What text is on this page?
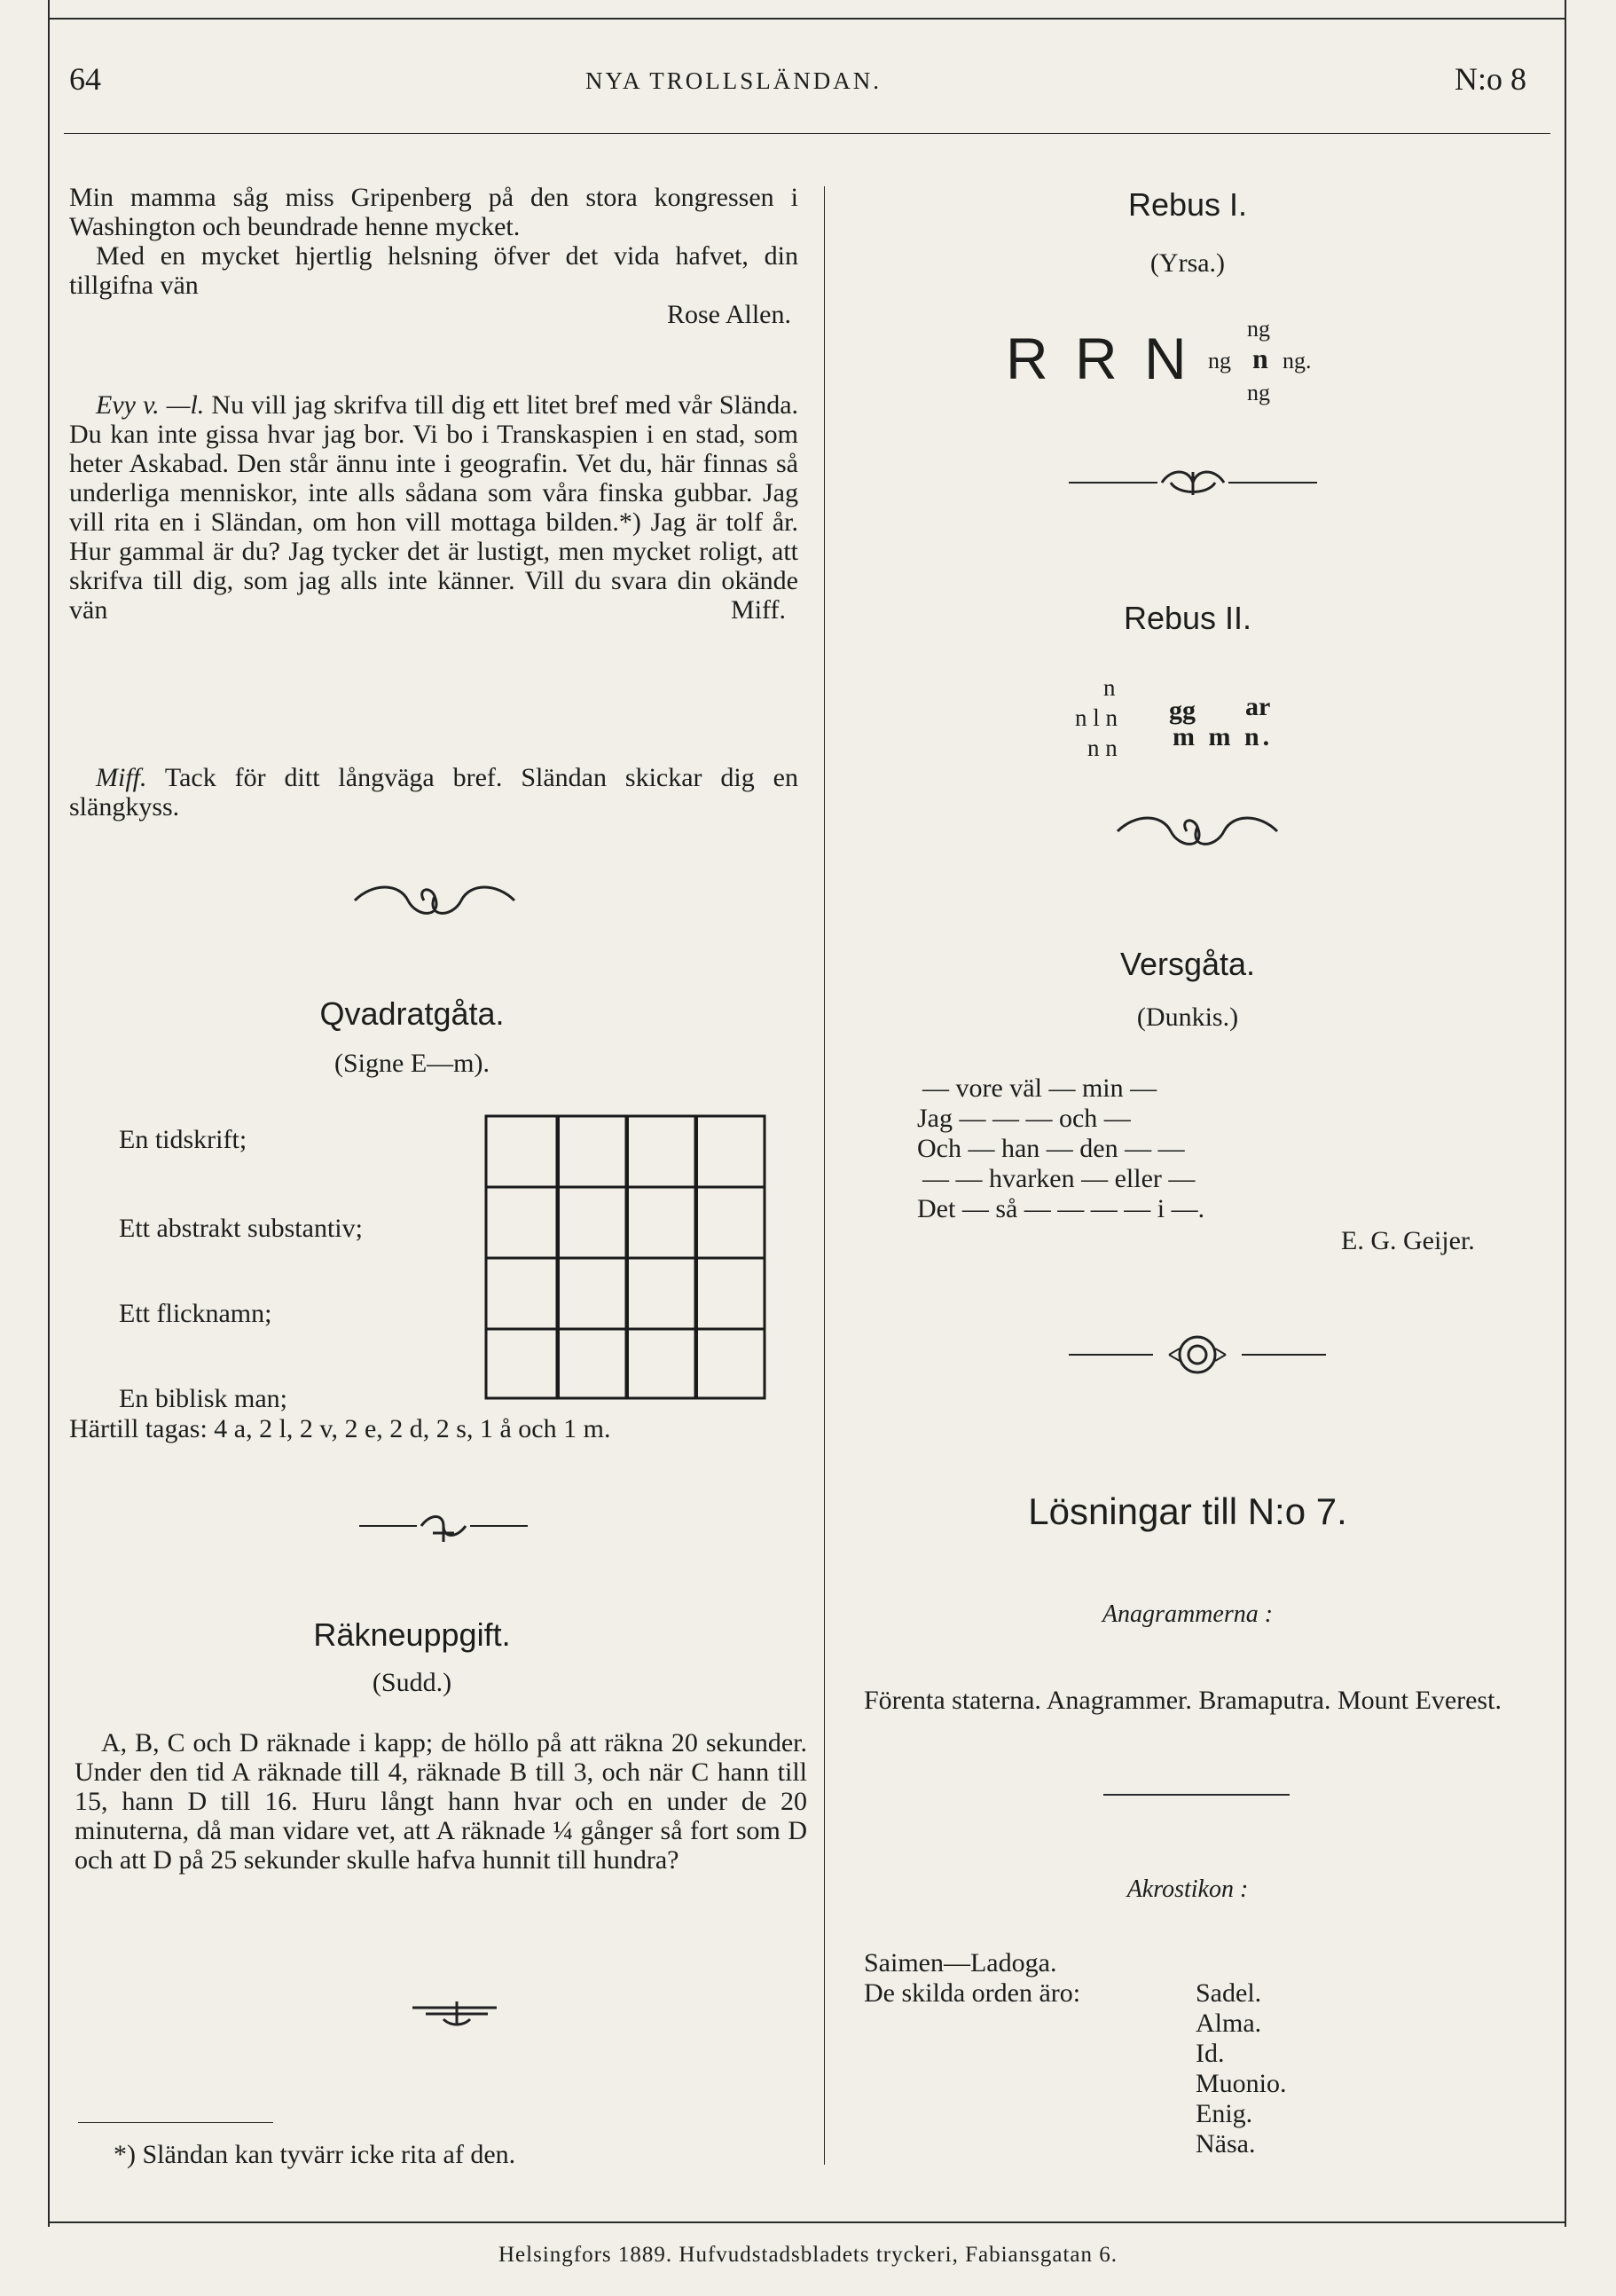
64	NYA TROLLSLÄNDAN.	N:o 8

Min mamma såg miss Gripenberg på den stora kongressen i Washington och beundrade henne mycket.

Med en mycket hjertlig helsning öfver det vida hafvet, din tillgifna vän

Rose Allen.

Evy v. —l. Nu vill jag skrifva till dig ett litet bref med vår Slända. Du kan inte gissa hvar jag bor. Vi bo i Transkaspien i en stad, som heter Askabad. Den står ännu inte i geografin. Vet du, här finnas så underliga menniskor, inte alls sådana som våra finska gubbar. Jag vill rita en i Sländan, om hon vill mottaga bilden.*) Jag är tolf år. Hur gammal är du? Jag tycker det är lustigt, men mycket roligt, att skrifva till dig, som jag alls inte känner. Vill du svara din okände vän	Miff.

Miff. Tack för ditt långväga bref. Sländan skickar dig en slängkyss.

Qvadratgåta.
(Signe E—m).
En tidskrift;
Ett abstrakt substantiv;
Ett flicknamn;
En biblisk man;
Härtill tagas: 4 a, 2 l, 2 v, 2 e, 2 d, 2 s, 1 å och 1 m.
Räkneuppgift.
(Sudd.)

A, B, C och D räknade i kapp; de höllo på att räkna 20 sekunder. Under den tid A räknade till 4, räknade B till 3, och när C hann till 15, hann D till 16. Huru långt hann hvar och en under de 20 minuterna, då man vidare vet, att A räknade ¼ gånger så fort som D och att D på 25 sekunder skulle hafva hunnit till hundra?

*) Sländan kan tyvärr icke rita af den.
Rebus I.
(Yrsa.)
R R N ng
ng n ng.
ng
Rebus II.
n
n l n
n n
gg ar
m m n.
Versgåta.
(Dunkis.)
— vore väl — min —
Jag — — — och —
Och — han — den — —
— — hvarken — eller —
Det — så — — — — i —.
E. G. Geijer.
Lösningar till N:o 7.
Anagrammerna :
Förenta staterna. Anagrammer. Bramaputra. Mount Everest.
Akrostikon :
Saimen—Ladoga.
De skilda orden äro:	Sadel.
Alma.
Id.
Muonio.
Enig.
Näsa.
Helsingfors 1889. Hufvudstadsbladets tryckeri, Fabiansgatan 6.
